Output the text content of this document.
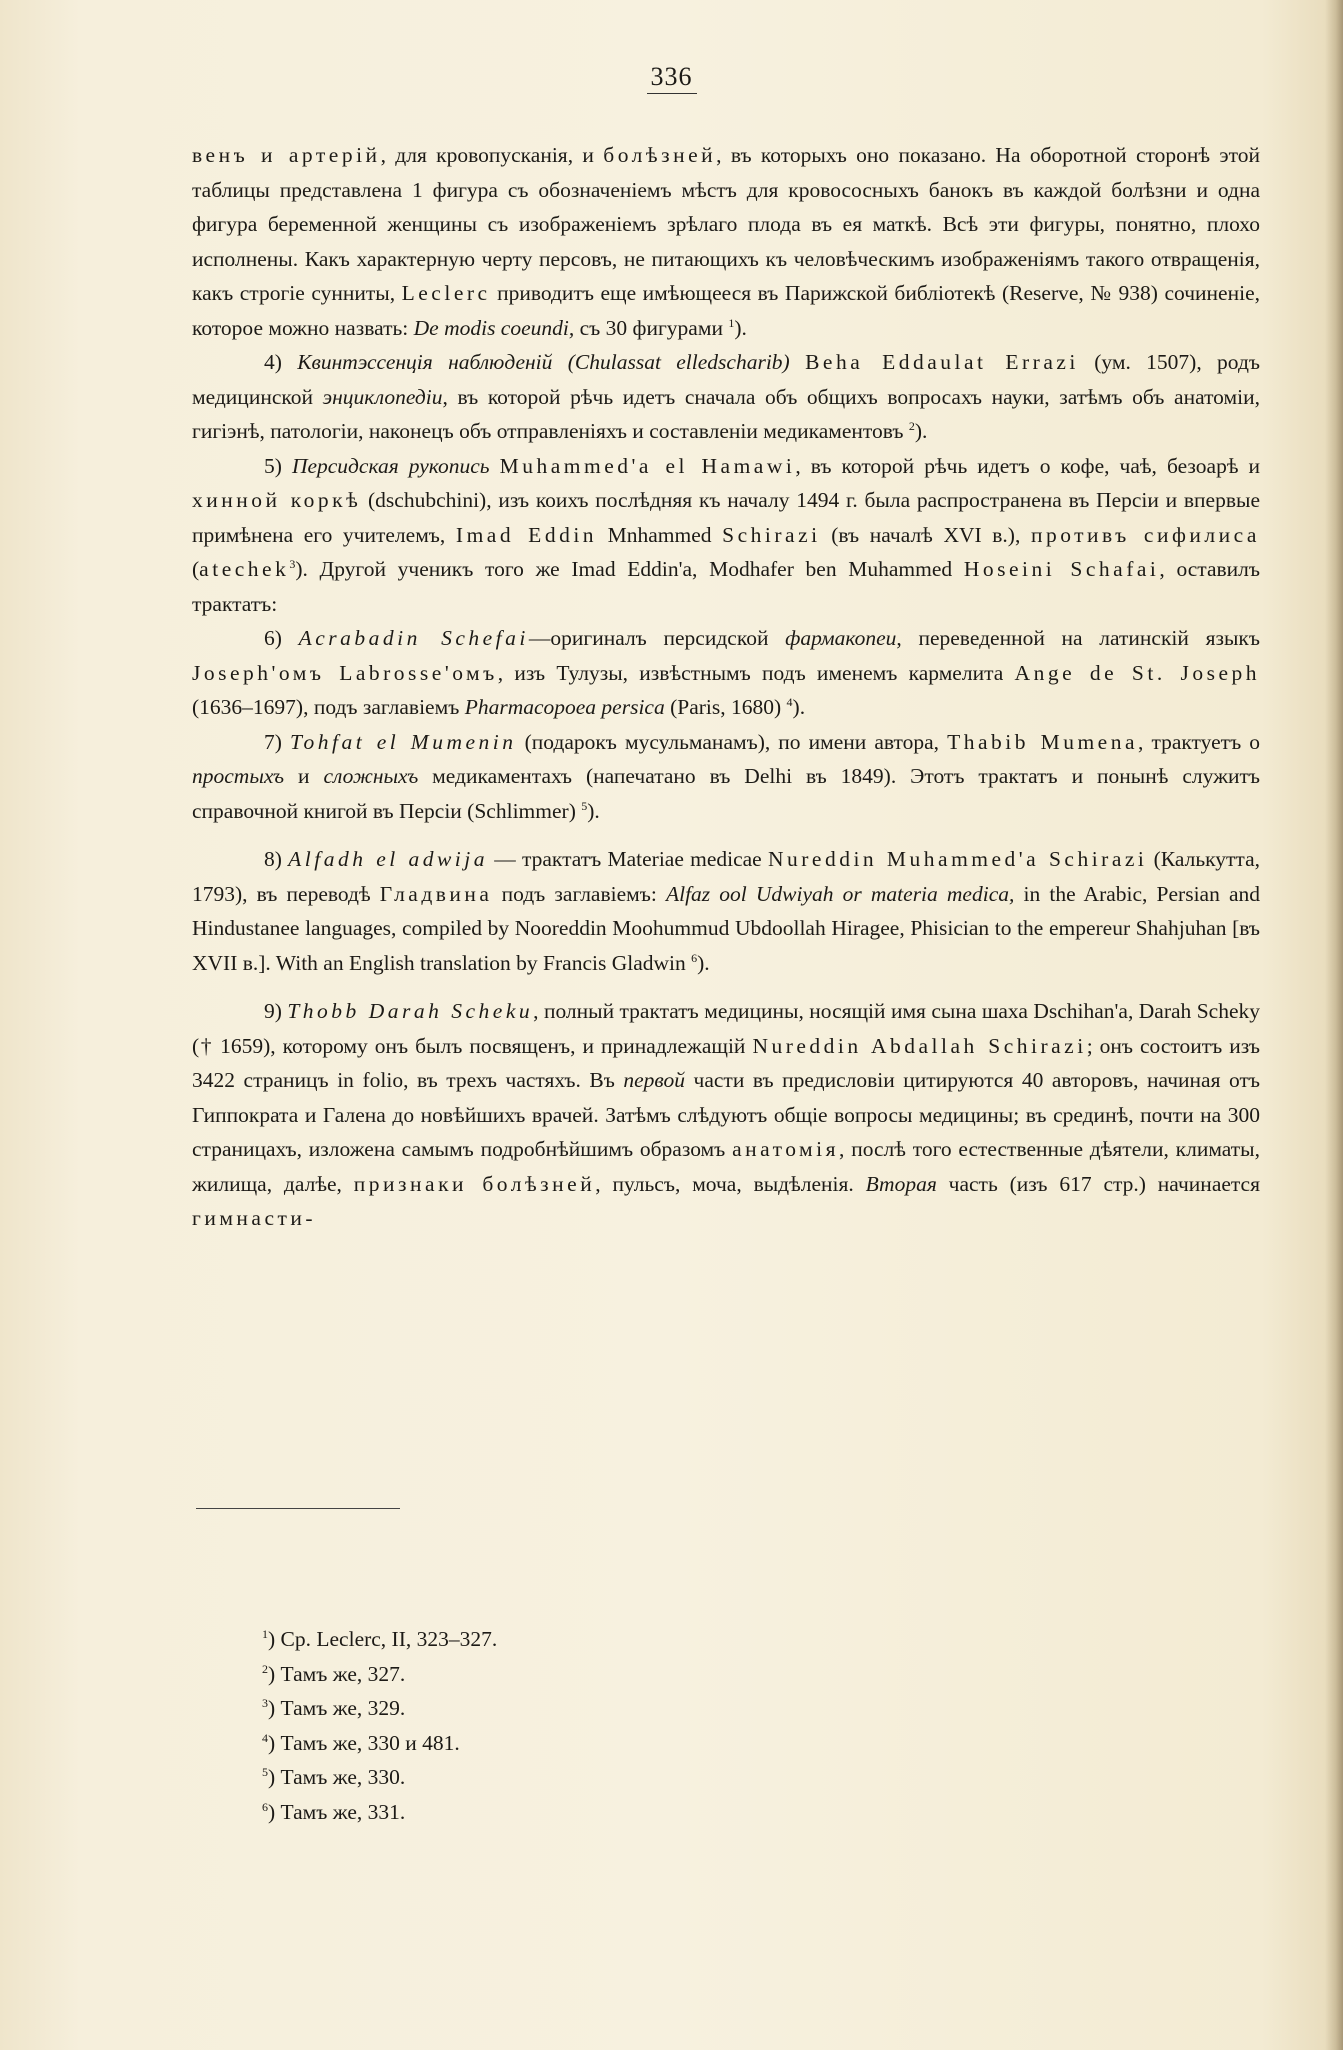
336

венъ и артерій, для кровопусканія, и болѣзней, въ которыхъ оно показано. На оборотной сторонѣ этой таблицы представлена 1 фигура съ обозначеніемъ мѣстъ для кровососныхъ банокъ въ каждой болѣзни и одна фигура беременной женщины съ изображеніемъ зрѣлаго плода въ ея маткѣ. Всѣ эти фигуры, понятно, плохо исполнены. Какъ характерную черту персовъ, не питающихъ къ человѣческимъ изображеніямъ такого отвращенія, какъ строгіе сунниты, Leclerc приводитъ еще имѣющееся въ Парижской библіотекѣ (Reserve, № 938) сочиненіе, которое можно назвать: De modis coeundi, съ 30 фигурами $^1$).

4) Квинтэссенція наблюденій (Chulassat elledscharib) Beha Eddaulat Errazi (ум. 1507), родъ медицинской энциклопедіи, въ которой рѣчь идетъ сначала объ общихъ вопросахъ науки, затѣмъ объ анатоміи, гигіэнѣ, патологіи, наконецъ объ отправленіяхъ и составленіи медикаментовъ $^2$).

5) Персидская рукопись Muhammed'a el Hamawi, въ которой рѣчь идетъ о кофе, чаѣ, безоарѣ и хинной коркѣ (dschubchini), изъ коихъ послѣдняя къ началу 1494 г. была распространена въ Персіи и впервые примѣнена его учителемъ, Imad Eddin Mnhammed Schirazi (въ началѣ XVI в.), противъ сифилиса (atechek$^3$). Другой ученикъ того же Imad Eddin'a, Modhafer ben Muhammed Hoseini Schafai, оставилъ трактатъ:

6) Acrabadin Schefai—оригиналъ персидской фармакопеи, переведенной на латинскій языкъ Joseph'омъ Labrosse'омъ, изъ Тулузы, извѣстнымъ подъ именемъ кармелита Ange de St. Joseph (1636–1697), подъ заглавіемъ Pharmacopoea persica (Paris, 1680) $^4$).

7) Tohfat el Mumenin (подарокъ мусульманамъ), по имени автора, Thabib Mumena, трактуетъ о простыхъ и сложныхъ медикаментахъ (напечатано въ Delhi въ 1849). Этотъ трактатъ и понынѣ служитъ справочной книгой въ Персіи (Schlimmer) $^5$).

8) Alfadh el adwija — трактатъ Materiae medicae Nureddin Muhammed'a Schirazi (Калькутта, 1793), въ переводѣ Гладвина подъ заглавіемъ: Alfaz ool Udwiyah or materia medica, in the Arabic, Persian and Hindustanee languages, compiled by Nooreddin Moohummud Ubdoollah Hiragee, Phisician to the empereur Shahjuhan [въ XVII в.]. With an English translation by Francis Gladwin $^6$).

9) Thobb Darah Scheku, полный трактатъ медицины, носящій имя сына шаха Dschihan'a, Darah Scheky († 1659), которому онъ былъ посвященъ, и принадлежащій Nureddin Abdallah Schirazi; онъ состоитъ изъ 3422 страницъ in folio, въ трехъ частяхъ. Въ первой части въ предисловіи цитируются 40 авторовъ, начиная отъ Гиппократа и Галена до новѣйшихъ врачей. Затѣмъ слѣдуютъ общіе вопросы медицины; въ срединѣ, почти на 300 страницахъ, изложена самымъ подробнѣйшимъ образомъ анатомія, послѣ того естественные дѣятели, климаты, жилища, далѣе, признаки болѣзней, пульсъ, моча, выдѣленія. Вторая часть (изъ 617 стр.) начинается гимнасти-

$^1$) Ср. Leclerc, II, 323–327.
$^2$) Тамъ же, 327.
$^3$) Тамъ же, 329.
$^4$) Тамъ же, 330 и 481.
$^5$) Тамъ же, 330.
$^6$) Тамъ же, 331.
